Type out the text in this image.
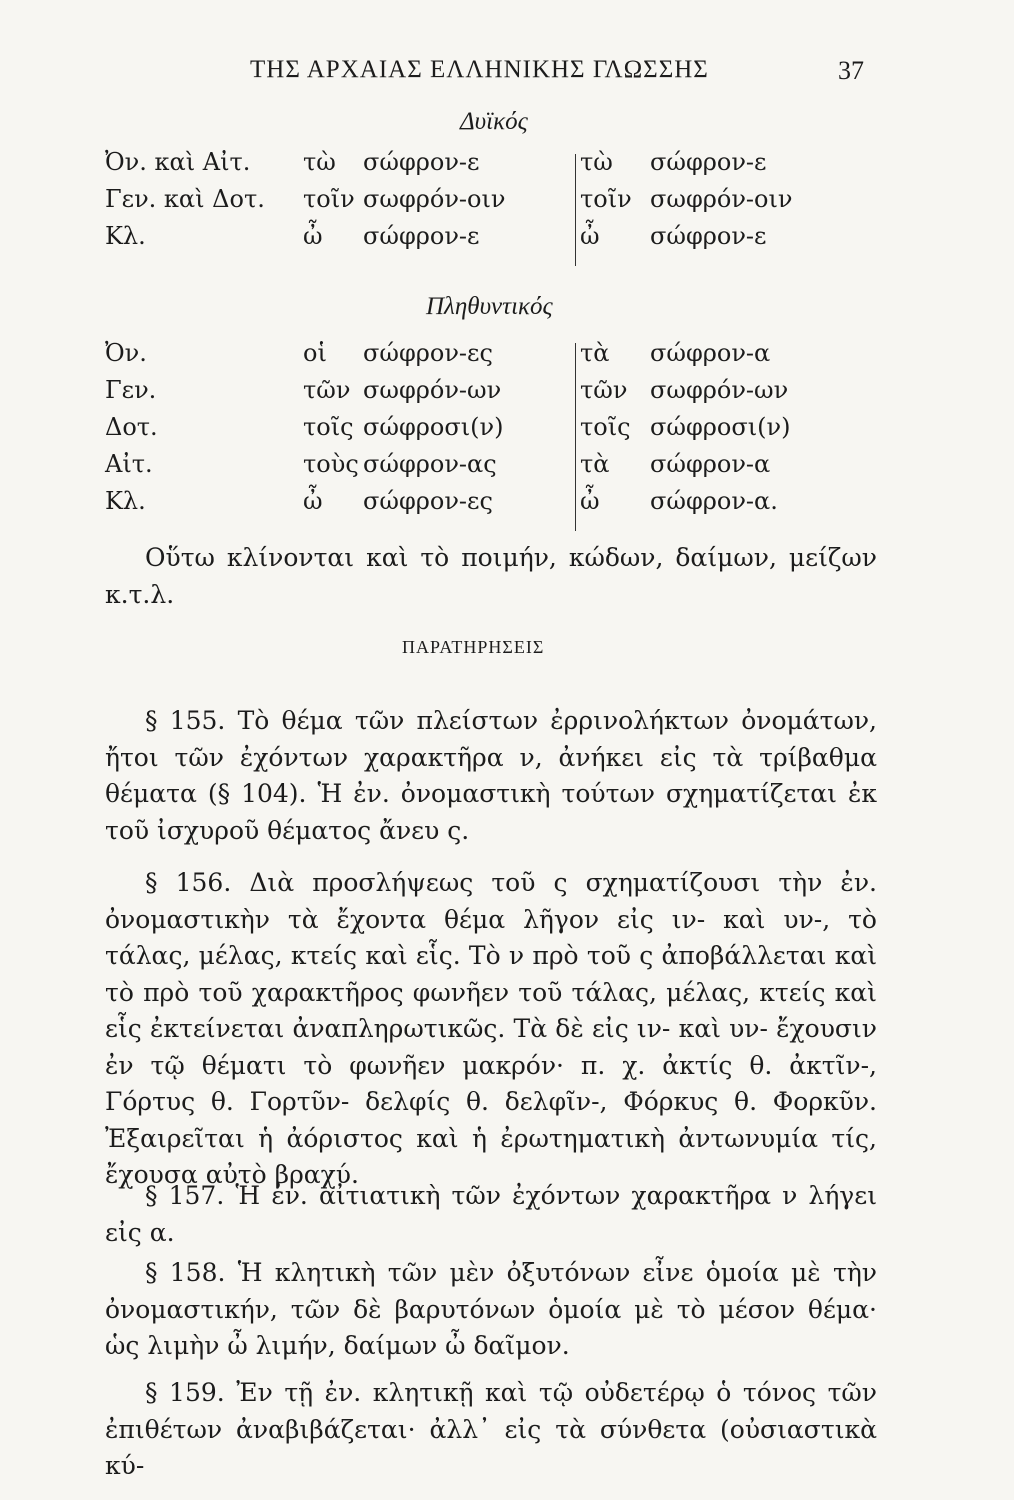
ΤΗΣ ΑΡΧΑΙΑΣ ΕΛΛΗΝΙΚΗΣ ΓΛΩΣΣΗΣ	37
Δυϊκός
Ὀν. καὶ Αἰτ. τὼ σώφρον-ε	τὼ σώφρον-ε
Γεν. καὶ Δοτ. τοῖν σωφρόν-οιν	τοῖν σωφρόν-οιν
Κλ.	ὦ σώφρον-ε	ὦ σώφρον-ε
Πληθυντικός
Ὀν.	οἱ σώφρον-ες	τὰ σώφρον-α
Γεν.	τῶν σωφρόν-ων	τῶν σωφρόν-ων
Δοτ.	τοῖς σώφροσι(ν)	τοῖς σώφροσι(ν)
Αἰτ.	τοὺς σώφρον-ας	τὰ σώφρον-α
Κλ.	ὦ σώφρον-ες	ὦ σώφρον-α.

Οὕτω κλίνονται καὶ τὸ ποιμήν, κώδων, δαίμων, μείζων κ.τ.λ.

ΠΑΡΑΤΗΡΗΣΕΙΣ

§ 155. Τὸ θέμα τῶν πλείστων ἐρρινολήκτων ὀνομάτων, ἤτοι τῶν ἐχόντων χαρακτῆρα ν, ἀνήκει εἰς τὰ τρίβαθμα θέματα (§ 104). Ἡ ἐν. ὀνομαστικὴ τούτων σχηματίζεται ἐκ τοῦ ἰσχυροῦ θέματος ἄνευ ς.

§ 156. Διὰ προσλήψεως τοῦ ς σχηματίζουσι τὴν ἐν. ὀνομαστικὴν τὰ ἔχοντα θέμα λῆγον εἰς ιν- καὶ υν-, τὸ τάλας, μέλας, κτείς καὶ εἷς. Τὸ ν πρὸ τοῦ ς ἀποβάλλεται καὶ τὸ πρὸ τοῦ χαρακτῆρος φωνῆεν τοῦ τάλας, μέλας, κτείς καὶ εἷς ἐκτείνεται ἀναπληρωτικῶς. Τὰ δὲ εἰς ιν- καὶ υν- ἔχουσιν ἐν τῷ θέματι τὸ φωνῆεν μακρόν· π. χ. ἀκτίς θ. ἀκτῖν-, Γόρτυς θ. Γορτῦν- δελφίς θ. δελφῖν-, Φόρκυς θ. Φορκῦν. Ἐξαιρεῖται ἡ ἀόριστος καὶ ἡ ἐρωτηματικὴ ἀντωνυμία τίς, ἔχουσα αὐτὸ βραχύ.

§ 157. Ἡ ἐν. αἰτιατικὴ τῶν ἐχόντων χαρακτῆρα ν λήγει εἰς α.

§ 158. Ἡ κλητικὴ τῶν μὲν ὀξυτόνων εἶνε ὁμοία μὲ τὴν ὀνομαστικήν, τῶν δὲ βαρυτόνων ὁμοία μὲ τὸ μέσον θέμα· ὡς λιμὴν ὦ λιμήν, δαίμων ὦ δαῖμον.

§ 159. Ἐν τῇ ἐν. κλητικῇ καὶ τῷ οὐδετέρῳ ὁ τόνος τῶν ἐπιθέτων ἀναβιβάζεται· ἀλλ᾽ εἰς τὰ σύνθετα (οὐσιαστικὰ κύ-
